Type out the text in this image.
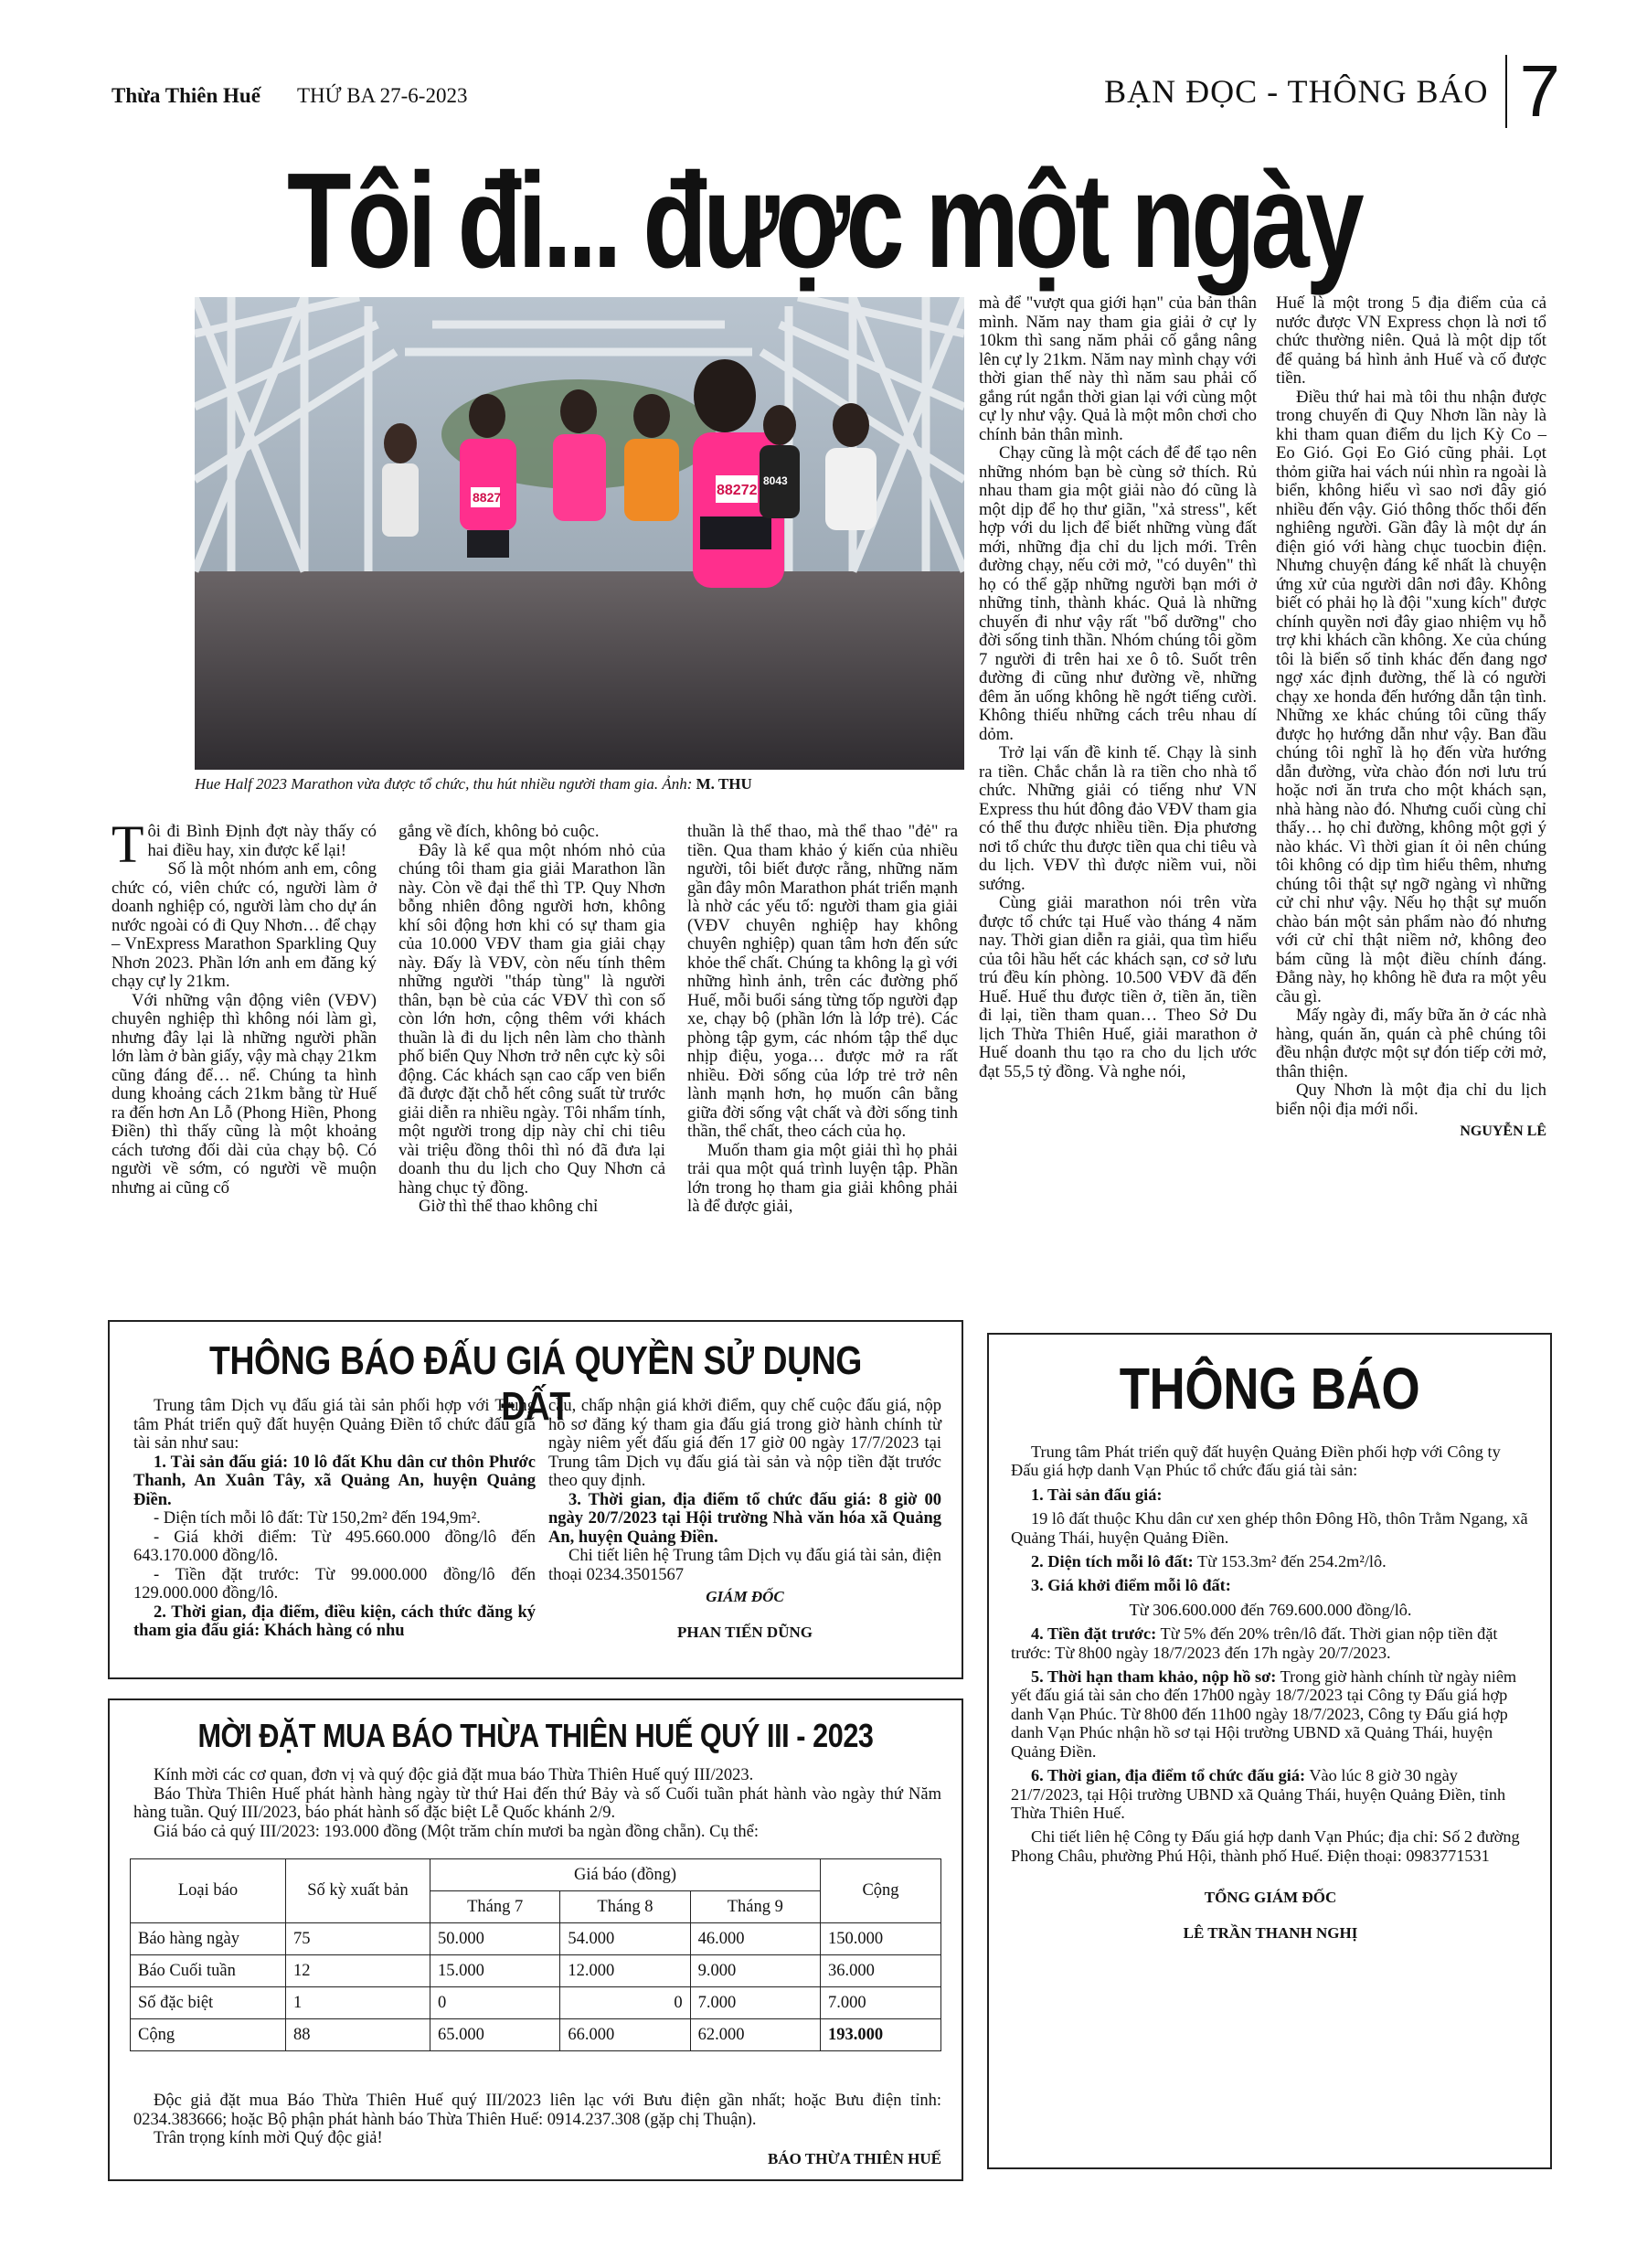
Thừa Thiên Huế THỨ BA 27-6-2023	BẠN ĐỌC - THÔNG BÁO 7
Tôi đi... được một ngày
8827	88272
8043
Hue Half 2023 Marathon vừa được tổ chức, thu hút nhiều người tham gia. Ảnh: M. THU

mà để "vượt qua giới hạn" của bản thân mình. Năm nay tham gia giải ở cự ly 10km thì sang năm phải cố gắng nâng lên cự ly 21km. Năm nay mình chạy với thời gian thế này thì năm sau phải cố gắng rút ngắn thời gian lại với cùng một cự ly như vậy. Quả là một môn chơi cho chính bản thân mình.

Chạy cũng là một cách để để tạo nên những nhóm bạn bè cùng sở thích. Rủ nhau tham gia một giải nào đó cũng là một dịp để họ thư giãn, "xả stress", kết hợp với du lịch để biết những vùng đất mới, những địa chỉ du lịch mới. Trên đường chạy, nếu cởi mở, "có duyên" thì họ có thể gặp những người bạn mới ở những tỉnh, thành khác. Quả là những chuyến đi như vậy rất "bổ dưỡng" cho đời sống tinh thần. Nhóm chúng tôi gồm 7 người đi trên hai xe ô tô. Suốt trên đường đi cũng như đường về, những đêm ăn uống không hề ngớt tiếng cười. Không thiếu những cách trêu nhau dí dỏm.

Trở lại vấn đề kinh tế. Chạy là sinh ra tiền. Chắc chắn là ra tiền cho nhà tổ chức. Những giải có tiếng như VN Express thu hút đông đảo VĐV tham gia có thể thu được nhiều tiền. Địa phương nơi tổ chức thu được tiền qua chi tiêu và du lịch. VĐV thì được niềm vui, nồi sướng.

Cùng giải marathon nói trên vừa được tổ chức tại Huế vào tháng 4 năm nay. Thời gian diễn ra giải, qua tìm hiểu của tôi hầu hết các khách sạn, cơ sở lưu trú đều kín phòng. 10.500 VĐV đã đến Huế. Huế thu được tiền ở, tiền ăn, tiền đi lại, tiền tham quan… Theo Sở Du lịch Thừa Thiên Huế, giải marathon ở Huế doanh thu tạo ra cho du lịch ước đạt 55,5 tỷ đồng. Và nghe nói,

Huế là một trong 5 địa điểm của cả nước được VN Express chọn là nơi tổ chức thường niên. Quả là một dịp tốt để quảng bá hình ảnh Huế và cố được tiền.

Điều thứ hai mà tôi thu nhận được trong chuyến đi Quy Nhơn lần này là khi tham quan điểm du lịch Kỳ Co – Eo Gió. Gọi Eo Gió cũng phải. Lọt thỏm giữa hai vách núi nhìn ra ngoài là biển, không hiểu vì sao nơi đây gió nhiều đến vậy. Gió thông thốc thổi đến nghiêng người. Gần đây là một dự án điện gió với hàng chục tuocbin điện. Nhưng chuyện đáng kể nhất là chuyện ứng xử của người dân nơi đây. Không biết có phải họ là đội "xung kích" được chính quyền nơi đây giao nhiệm vụ hỗ trợ khi khách cần không. Xe của chúng tôi là biển số tỉnh khác đến đang ngơ ngợ xác định đường, thế là có người chạy xe honda đến hướng dẫn tận tình. Những xe khác chúng tôi cũng thấy được họ hướng dẫn như vậy. Ban đầu chúng tôi nghĩ là họ đến vừa hướng dẫn đường, vừa chào đón nơi lưu trú hoặc nơi ăn trưa cho một khách sạn, nhà hàng nào đó. Nhưng cuối cùng chỉ thấy… họ chỉ đường, không một gợi ý nào khác. Vì thời gian ít ỏi nên chúng tôi không có dịp tìm hiểu thêm, nhưng chúng tôi thật sự ngỡ ngàng vì những cử chỉ như vậy. Nếu họ thật sự muốn chào bán một sản phẩm nào đó nhưng với cử chỉ thật niềm nở, không đeo bám cũng là một điều chính đáng. Đằng này, họ không hề đưa ra một yêu cầu gì.

Mấy ngày đi, mấy bữa ăn ở các nhà hàng, quán ăn, quán cà phê chúng tôi đều nhận được một sự đón tiếp cởi mở, thân thiện.

Quy Nhơn là một địa chỉ du lịch biển nội địa mới nổi.

NGUYỄN LÊ

Tôi đi Bình Định đợt này thấy có hai điều hay, xin được kể lại!

Số là một nhóm anh em, công chức có, viên chức có, người làm ở doanh nghiệp có, người làm cho dự án nước ngoài có đi Quy Nhơn… để chạy – VnExpress Marathon Sparkling Quy Nhơn 2023. Phần lớn anh em đăng ký chạy cự ly 21km.

Với những vận động viên (VĐV) chuyên nghiệp thì không nói làm gì, nhưng đây lại là những người phần lớn làm ở bàn giấy, vậy mà chạy 21km cũng đáng để… nể. Chúng ta hình dung khoảng cách 21km bằng từ Huế ra đến hơn An Lỗ (Phong Hiền, Phong Điền) thì thấy cũng là một khoảng cách tương đối dài của chạy bộ. Có người về sớm, có người về muộn nhưng ai cũng cố

gắng về đích, không bỏ cuộc.

Đây là kể qua một nhóm nhỏ của chúng tôi tham gia giải Marathon lần này. Còn về đại thể thì TP. Quy Nhơn bỗng nhiên đông người hơn, không khí sôi động hơn khi có sự tham gia của 10.000 VĐV tham gia giải chạy này. Đấy là VĐV, còn nếu tính thêm những người "tháp tùng" là người thân, bạn bè của các VĐV thì con số còn lớn hơn, cộng thêm với khách thuần là đi du lịch nên làm cho thành phố biển Quy Nhơn trở nên cực kỳ sôi động. Các khách sạn cao cấp ven biển đã được đặt chỗ hết công suất từ trước giải diễn ra nhiều ngày. Tôi nhẩm tính, một người trong dịp này chỉ chi tiêu vài triệu đồng thôi thì nó đã đưa lại doanh thu du lịch cho Quy Nhơn cả hàng chục tỷ đồng.

Giờ thì thể thao không chỉ

thuần là thể thao, mà thể thao "đẻ" ra tiền. Qua tham khảo ý kiến của nhiều người, tôi biết được rằng, những năm gần đây môn Marathon phát triển mạnh là nhờ các yếu tố: người tham gia giải (VĐV chuyên nghiệp hay không chuyên nghiệp) quan tâm hơn đến sức khỏe thể chất. Chúng ta không lạ gì với những hình ảnh, trên các đường phố Huế, mỗi buổi sáng từng tốp người đạp xe, chạy bộ (phần lớn là lớp trẻ). Các phòng tập gym, các nhóm tập thể dục nhịp điệu, yoga… được mở ra rất nhiều. Đời sống của lớp trẻ trở nên lành mạnh hơn, họ muốn cân bằng giữa đời sống vật chất và đời sống tinh thần, thể chất, theo cách của họ.

Muốn tham gia một giải thì họ phải trải qua một quá trình luyện tập. Phần lớn trong họ tham gia giải không phải là để được giải,

THÔNG BÁO ĐẤU GIÁ QUYỀN SỬ DỤNG ĐẤT

Trung tâm Dịch vụ đấu giá tài sản phối hợp với Trung tâm Phát triển quỹ đất huyện Quảng Điền tổ chức đấu giá tài sản như sau:

1. Tài sản đấu giá: 10 lô đất Khu dân cư thôn Phước Thanh, An Xuân Tây, xã Quảng An, huyện Quảng Điền.

- Diện tích mỗi lô đất: Từ 150,2m² đến 194,9m².

- Giá khởi điểm: Từ 495.660.000 đồng/lô đến 643.170.000 đồng/lô.

- Tiền đặt trước: Từ 99.000.000 đồng/lô đến 129.000.000 đồng/lô.

2. Thời gian, địa điểm, điều kiện, cách thức đăng ký tham gia đấu giá: Khách hàng có nhu

cầu, chấp nhận giá khởi điểm, quy chế cuộc đấu giá, nộp hồ sơ đăng ký tham gia đấu giá trong giờ hành chính từ ngày niêm yết đấu giá đến 17 giờ 00 ngày 17/7/2023 tại Trung tâm Dịch vụ đấu giá tài sản và nộp tiền đặt trước theo quy định.

3. Thời gian, địa điểm tổ chức đấu giá: 8 giờ 00 ngày 20/7/2023 tại Hội trường Nhà văn hóa xã Quảng An, huyện Quảng Điền.

Chi tiết liên hệ Trung tâm Dịch vụ đấu giá tài sản, điện thoại 0234.3501567

GIÁM ĐỐC
PHAN TIẾN DŨNG
MỜI ĐẶT MUA BÁO THỪA THIÊN HUẾ QUÝ III - 2023

Kính mời các cơ quan, đơn vị và quý độc giả đặt mua báo Thừa Thiên Huế quý III/2023.

Báo Thừa Thiên Huế phát hành hàng ngày từ thứ Hai đến thứ Bảy và số Cuối tuần phát hành vào ngày thứ Năm hàng tuần. Quý III/2023, báo phát hành số đặc biệt Lễ Quốc khánh 2/9.

Giá báo cả quý III/2023: 193.000 đồng (Một trăm chín mươi ba ngàn đồng chẵn). Cụ thể:

Loại báo	Số kỳ xuất bản	Giá báo (đồng)			Cộng
		Tháng 7	Tháng 8	Tháng 9	
Báo hàng ngày	75	50.000	54.000	46.000	150.000
Báo Cuối tuần	12	15.000	12.000	9.000	36.000
Số đặc biệt	1	0	0	7.000	7.000
Cộng	88	65.000	66.000	62.000	193.000

Độc giả đặt mua Báo Thừa Thiên Huế quý III/2023 liên lạc với Bưu điện gần nhất; hoặc Bưu điện tỉnh: 0234.383666; hoặc Bộ phận phát hành báo Thừa Thiên Huế: 0914.237.308 (gặp chị Thuận).

Trân trọng kính mời Quý độc giả!

BÁO THỪA THIÊN HUẾ
THÔNG BÁO

Trung tâm Phát triển quỹ đất huyện Quảng Điền phối hợp với Công ty Đấu giá hợp danh Vạn Phúc tổ chức đấu giá tài sản:

1. Tài sản đấu giá:

19 lô đất thuộc Khu dân cư xen ghép thôn Đông Hồ, thôn Trằm Ngang, xã Quảng Thái, huyện Quảng Điền.

2. Diện tích mỗi lô đất: Từ 153.3m² đến 254.2m²/lô.

3. Giá khởi điểm mỗi lô đất:

Từ 306.600.000 đến 769.600.000 đồng/lô.

4. Tiền đặt trước: Từ 5% đến 20% trên/lô đất. Thời gian nộp tiền đặt trước: Từ 8h00 ngày 18/7/2023 đến 17h ngày 20/7/2023.

5. Thời hạn tham khảo, nộp hồ sơ: Trong giờ hành chính từ ngày niêm yết đấu giá tài sản cho đến 17h00 ngày 18/7/2023 tại Công ty Đấu giá hợp danh Vạn Phúc. Từ 8h00 đến 11h00 ngày 18/7/2023, Công ty Đấu giá hợp danh Vạn Phúc nhận hồ sơ tại Hội trường UBND xã Quảng Thái, huyện Quảng Điền.

6. Thời gian, địa điểm tổ chức đấu giá: Vào lúc 8 giờ 30 ngày 21/7/2023, tại Hội trường UBND xã Quảng Thái, huyện Quảng Điền, tỉnh Thừa Thiên Huế.

Chi tiết liên hệ Công ty Đấu giá hợp danh Vạn Phúc; địa chỉ: Số 2 đường Phong Châu, phường Phú Hội, thành phố Huế. Điện thoại: 0983771531

TỔNG GIÁM ĐỐC
LÊ TRẦN THANH NGHỊ
